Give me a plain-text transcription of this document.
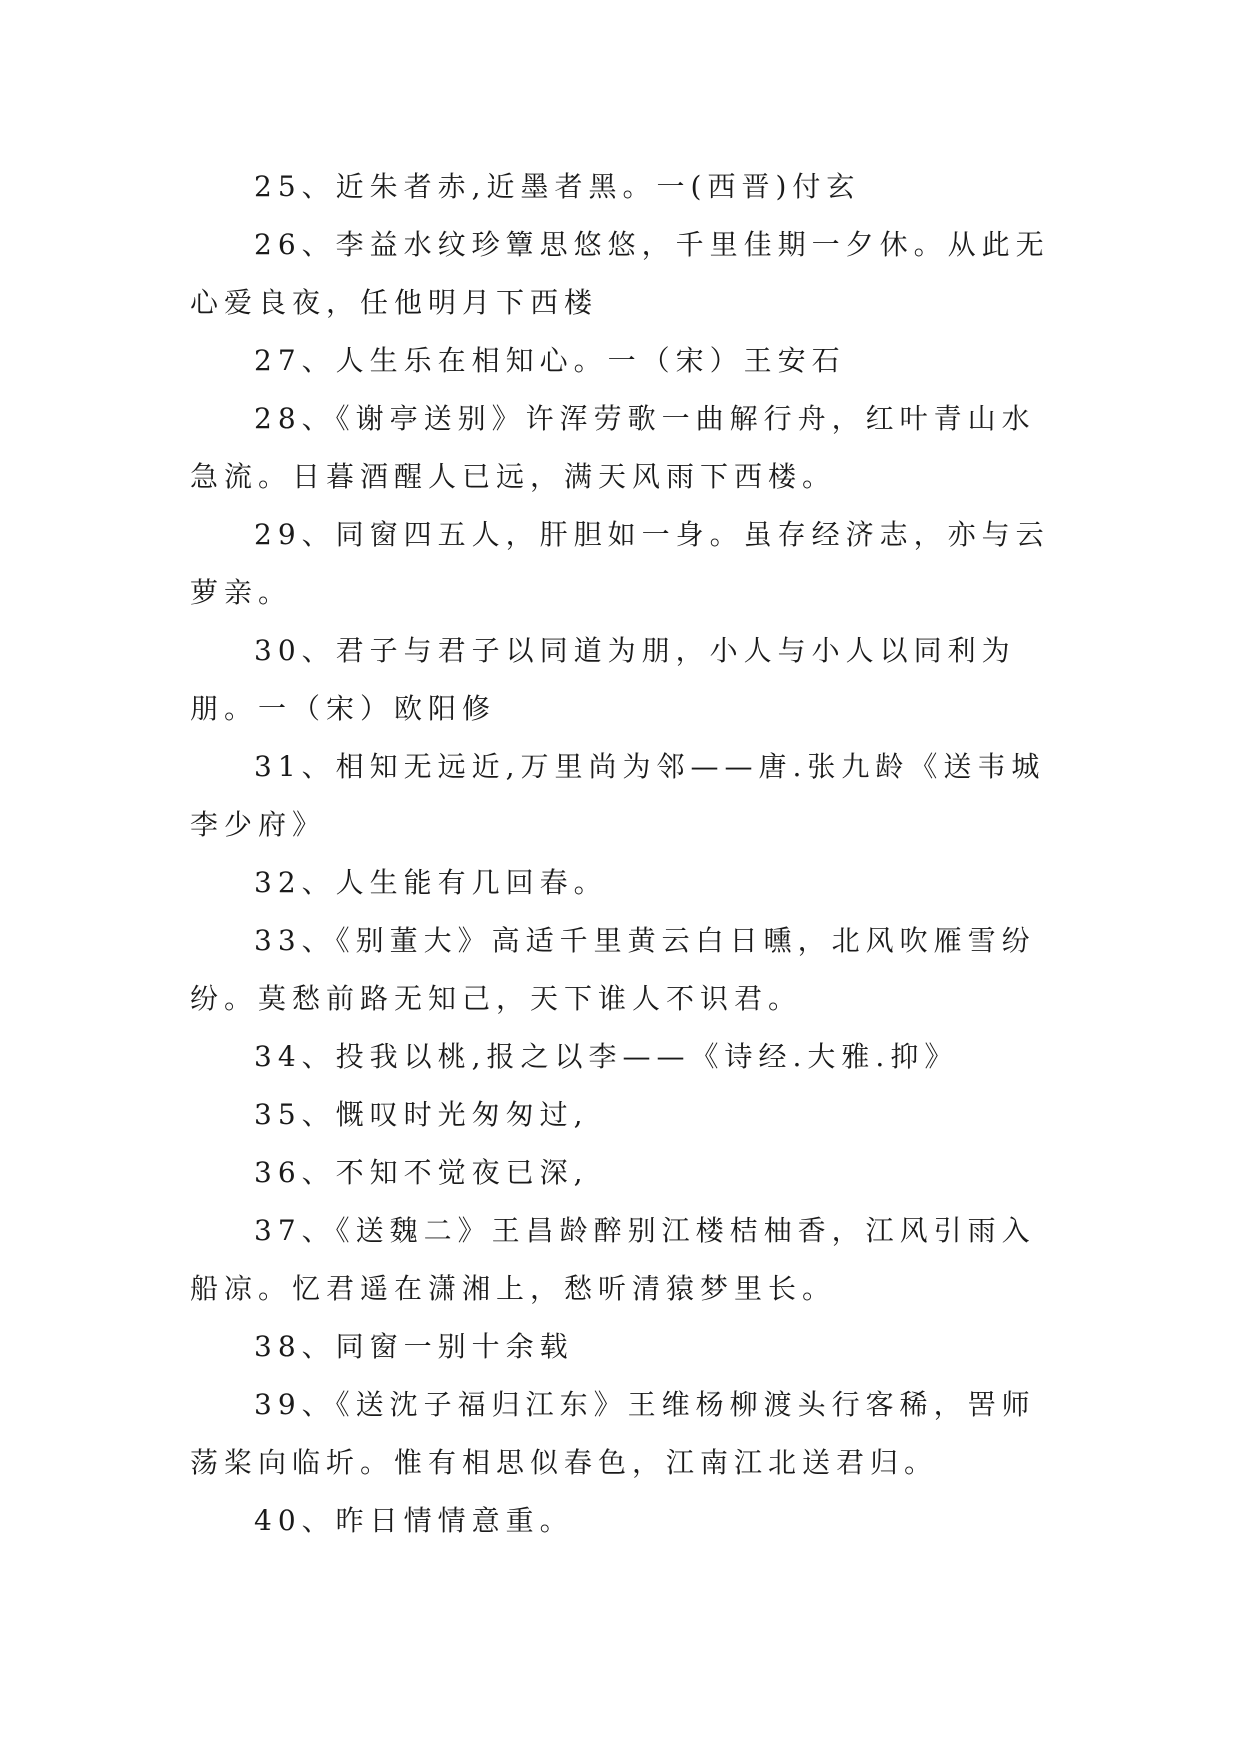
25、近朱者赤,近墨者黑。一(西晋)付玄

26、李益水纹珍簟思悠悠，千里佳期一夕休。从此无心爱良夜，任他明月下西楼

27、人生乐在相知心。一（宋）王安石

28、《谢亭送别》许浑劳歌一曲解行舟，红叶青山水急流。日暮酒醒人已远，满天风雨下西楼。

29、同窗四五人，肝胆如一身。虽存经济志，亦与云萝亲。

30、君子与君子以同道为朋，小人与小人以同利为朋。一（宋）欧阳修

31、相知无远近,万里尚为邻——唐.张九龄《送韦城李少府》

32、人生能有几回春。

33、《别董大》高适千里黄云白日曛，北风吹雁雪纷纷。莫愁前路无知己，天下谁人不识君。

34、投我以桃,报之以李——《诗经.大雅.抑》

35、慨叹时光匆匆过,

36、不知不觉夜已深,

37、《送魏二》王昌龄醉别江楼桔柚香，江风引雨入船凉。忆君遥在潇湘上，愁听清猿梦里长。

38、同窗一别十余载

39、《送沈子福归江东》王维杨柳渡头行客稀，罟师荡桨向临圻。惟有相思似春色，江南江北送君归。

40、昨日情情意重。
